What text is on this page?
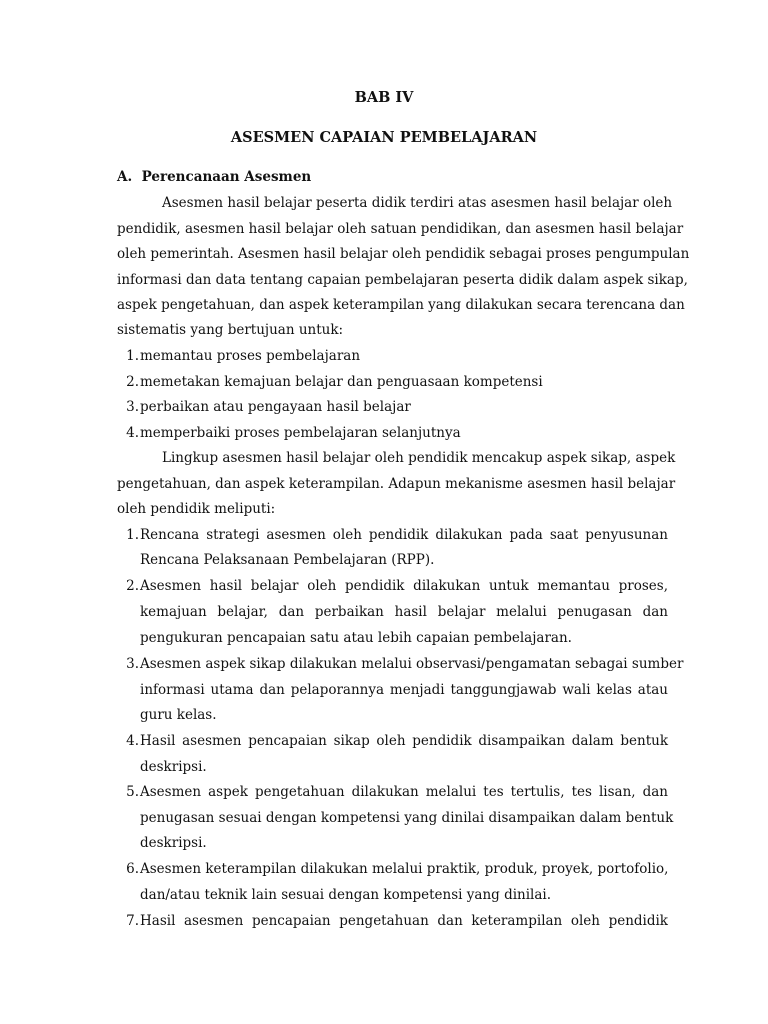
BAB IV
ASESMEN CAPAIAN PEMBELAJARAN
A. Perencanaan Asesmen
Asesmen hasil belajar peserta didik terdiri atas asesmen hasil belajar oleh
pendidik, asesmen hasil belajar oleh satuan pendidikan, dan asesmen hasil belajar
oleh pemerintah. Asesmen hasil belajar oleh pendidik sebagai proses pengumpulan
informasi dan data tentang capaian pembelajaran peserta didik dalam aspek sikap,
aspek pengetahuan, dan aspek keterampilan yang dilakukan secara terencana dan
sistematis yang bertujuan untuk:
1. memantau proses pembelajaran
2. memetakan kemajuan belajar dan penguasaan kompetensi
3. perbaikan atau pengayaan hasil belajar
4. memperbaiki proses pembelajaran selanjutnya
Lingkup asesmen hasil belajar oleh pendidik mencakup aspek sikap, aspek
pengetahuan, dan aspek keterampilan. Adapun mekanisme asesmen hasil belajar
oleh pendidik meliputi:
1. Rencana strategi asesmen oleh pendidik dilakukan pada saat penyusunan
Rencana Pelaksanaan Pembelajaran (RPP).
2. Asesmen hasil belajar oleh pendidik dilakukan untuk memantau proses,
kemajuan belajar, dan perbaikan hasil belajar melalui penugasan dan
pengukuran pencapaian satu atau lebih capaian pembelajaran.
3. Asesmen aspek sikap dilakukan melalui observasi/pengamatan sebagai sumber
informasi utama dan pelaporannya menjadi tanggungjawab wali kelas atau
guru kelas.
4. Hasil asesmen pencapaian sikap oleh pendidik disampaikan dalam bentuk
deskripsi.
5. Asesmen aspek pengetahuan dilakukan melalui tes tertulis, tes lisan, dan
penugasan sesuai dengan kompetensi yang dinilai disampaikan dalam bentuk
deskripsi.
6. Asesmen keterampilan dilakukan melalui praktik, produk, proyek, portofolio,
dan/atau teknik lain sesuai dengan kompetensi yang dinilai.
7. Hasil asesmen pencapaian pengetahuan dan keterampilan oleh pendidik
